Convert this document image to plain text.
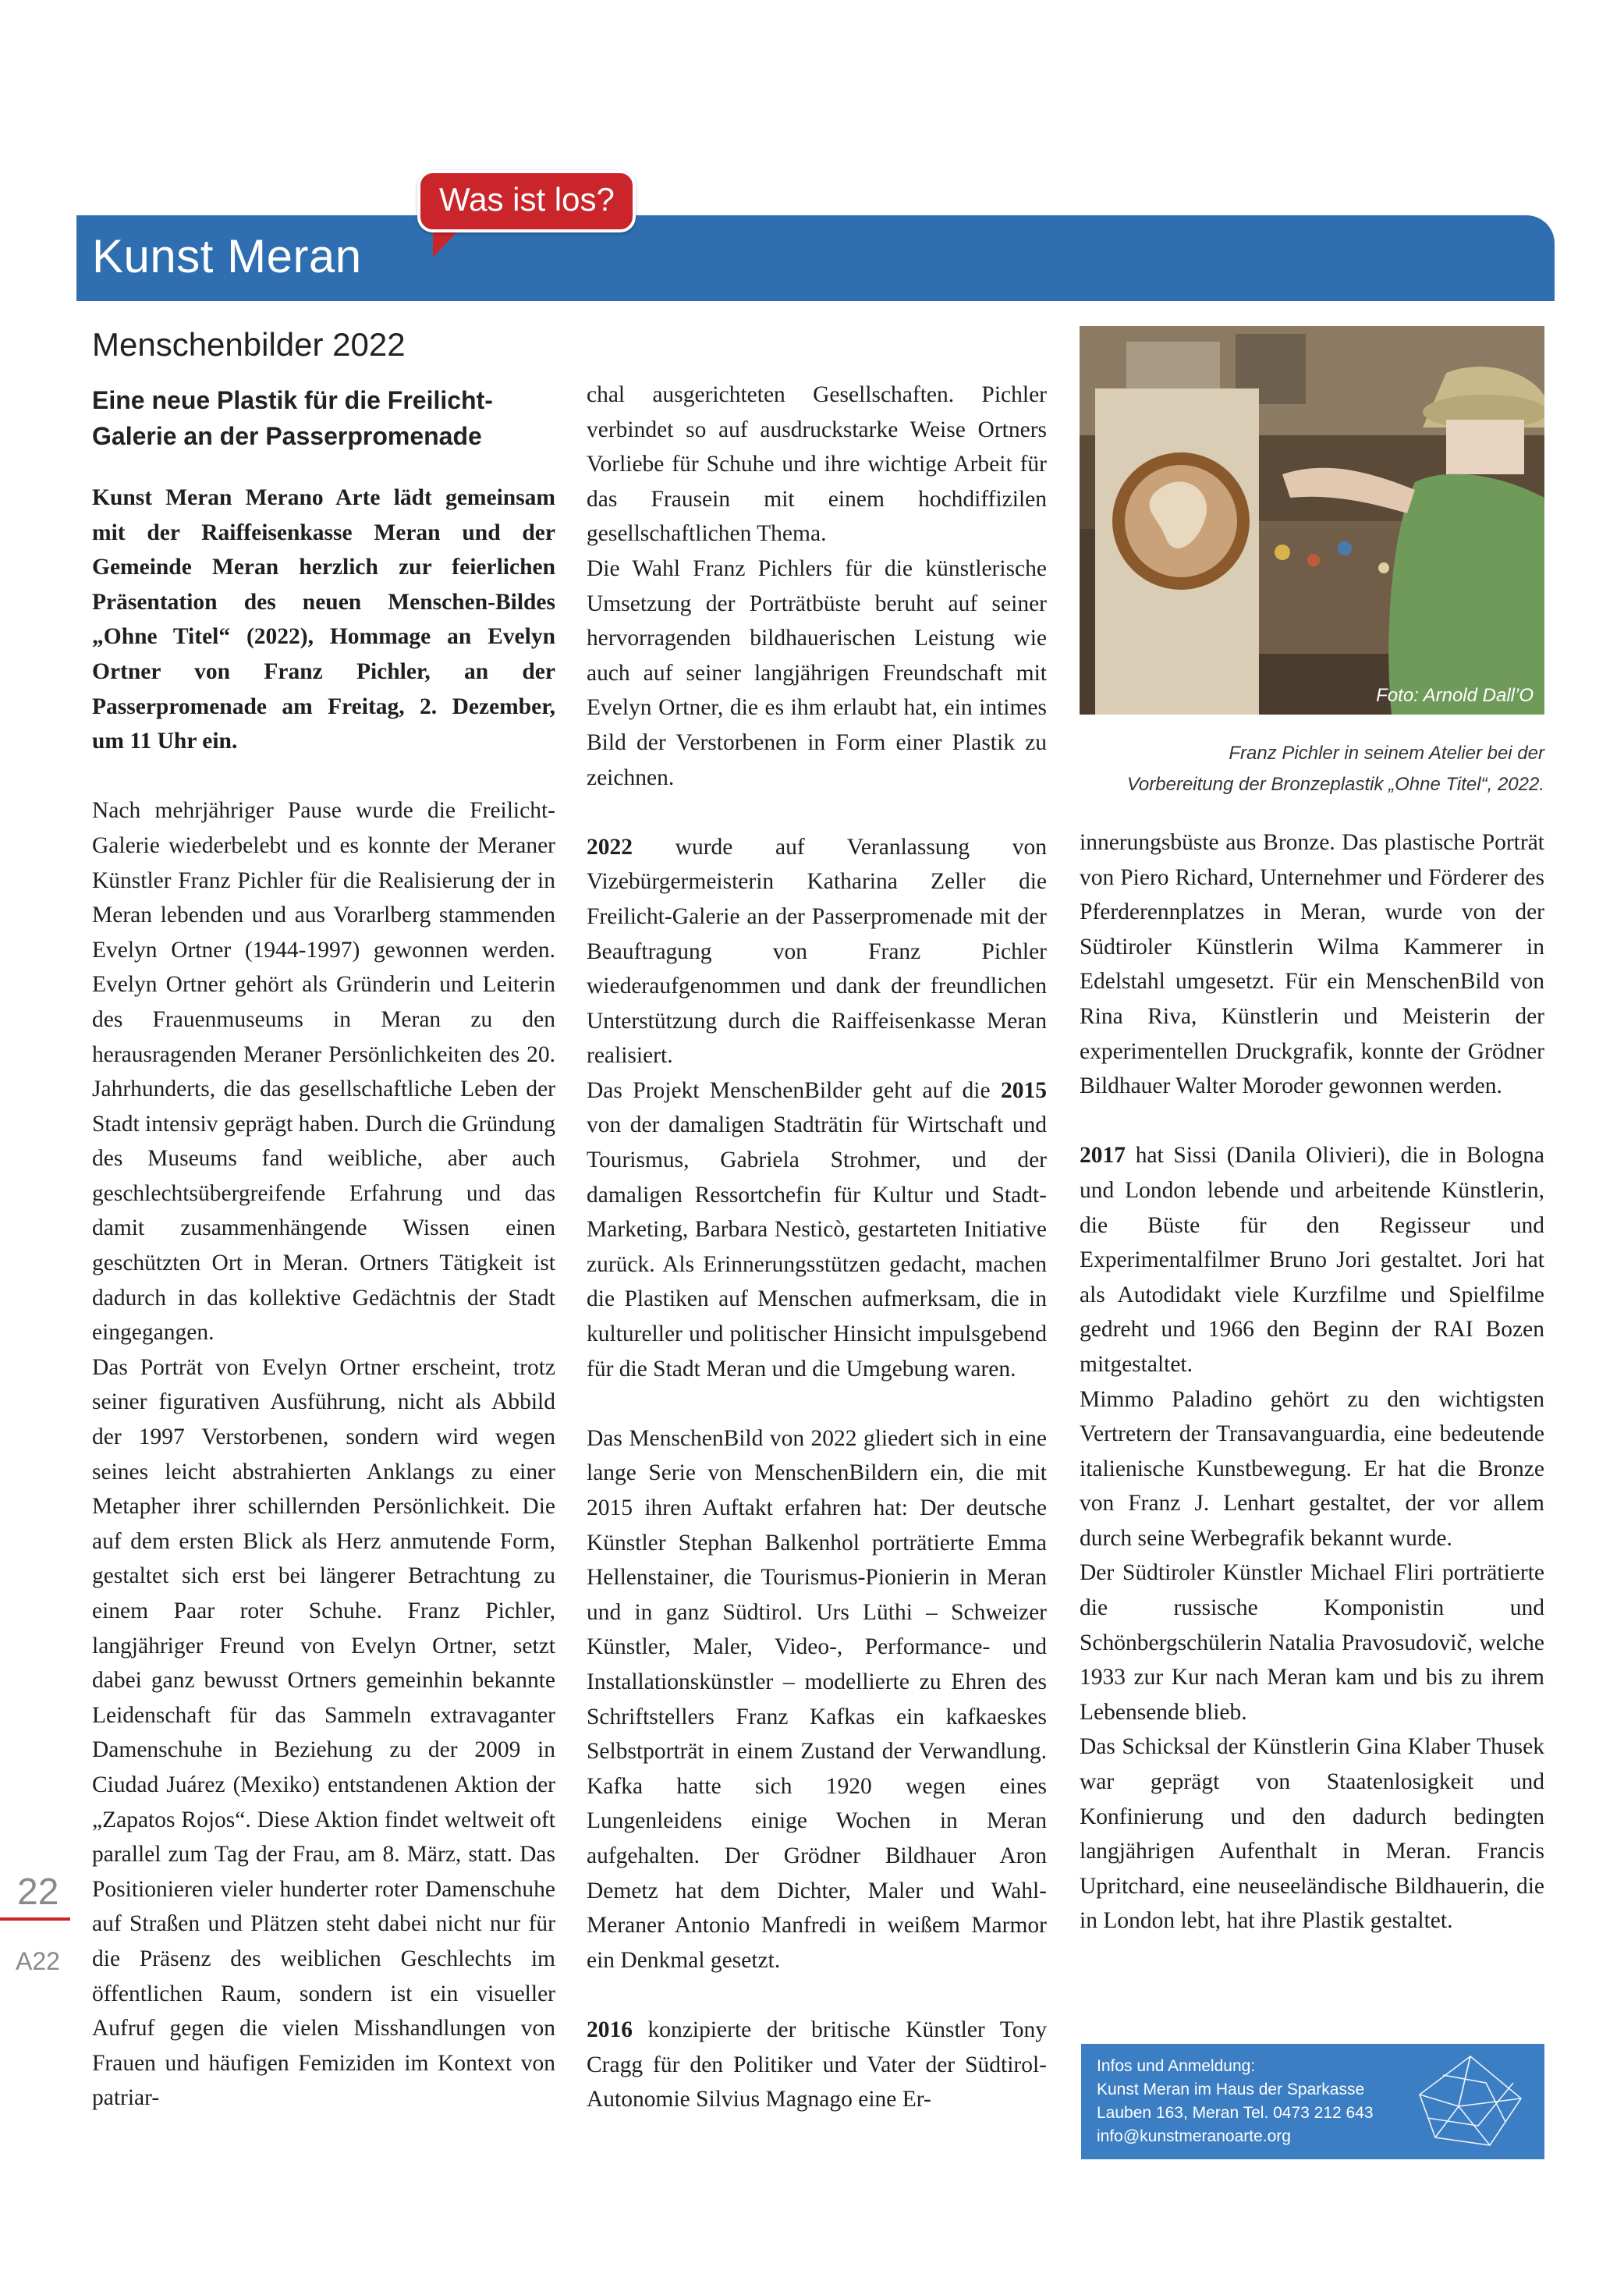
Kunst Meran
Was ist los?
Menschenbilder 2022
Eine neue Plastik für die Freilicht-Galerie an der Passerpromenade

Kunst Meran Merano Arte lädt gemeinsam mit der Raiffeisenkasse Meran und der Gemeinde Meran herzlich zur feierlichen Präsentation des neuen Menschen-Bildes „Ohne Titel“ (2022), Hommage an Evelyn Ortner von Franz Pichler, an der Passerpromenade am Freitag, 2. Dezember, um 11 Uhr ein.

Nach mehrjähriger Pause wurde die Freilicht-Galerie wiederbelebt und es konnte der Meraner Künstler Franz Pichler für die Realisierung der in Meran lebenden und aus Vorarlberg stammenden Evelyn Ortner (1944-1997) gewonnen werden. Evelyn Ortner gehört als Gründerin und Leiterin des Frauenmuseums in Meran zu den herausragenden Meraner Persönlichkeiten des 20. Jahrhunderts, die das gesellschaftliche Leben der Stadt intensiv geprägt haben. Durch die Gründung des Museums fand weibliche, aber auch geschlechtsübergreifende Erfahrung und das damit zusammenhängende Wissen einen geschützten Ort in Meran. Ortners Tätigkeit ist dadurch in das kollektive Gedächtnis der Stadt eingegangen.

Das Porträt von Evelyn Ortner erscheint, trotz seiner figurativen Ausführung, nicht als Abbild der 1997 Verstorbenen, sondern wird wegen seines leicht abstrahierten Anklangs zu einer Metapher ihrer schillernden Persönlichkeit. Die auf dem ersten Blick als Herz anmutende Form, gestaltet sich erst bei längerer Betrachtung zu einem Paar roter Schuhe. Franz Pichler, langjähriger Freund von Evelyn Ortner, setzt dabei ganz bewusst Ortners gemeinhin bekannte Leidenschaft für das Sammeln extravaganter Damenschuhe in Beziehung zu der 2009 in Ciudad Juárez (Mexiko) entstandenen Aktion der „Zapatos Rojos“. Diese Aktion findet weltweit oft parallel zum Tag der Frau, am 8. März, statt. Das Positionieren vieler hunderter roter Damenschuhe auf Straßen und Plätzen steht dabei nicht nur für die Präsenz des weiblichen Geschlechts im öffentlichen Raum, sondern ist ein visueller Aufruf gegen die vielen Misshandlungen von Frauen und häufigen Femiziden im Kontext von patriar-

chal ausgerichteten Gesellschaften. Pichler verbindet so auf ausdruckstarke Weise Ortners Vorliebe für Schuhe und ihre wichtige Arbeit für das Frausein mit einem hochdiffizilen gesellschaftlichen Thema.

Die Wahl Franz Pichlers für die künstlerische Umsetzung der Porträtbüste beruht auf seiner hervorragenden bildhauerischen Leistung wie auch auf seiner langjährigen Freundschaft mit Evelyn Ortner, die es ihm erlaubt hat, ein intimes Bild der Verstorbenen in Form einer Plastik zu zeichnen.

2022 wurde auf Veranlassung von Vizebürgermeisterin Katharina Zeller die Freilicht-Galerie an der Passerpromenade mit der Beauftragung von Franz Pichler wiederaufgenommen und dank der freundlichen Unterstützung durch die Raiffeisenkasse Meran realisiert.

Das Projekt MenschenBilder geht auf die 2015 von der damaligen Stadträtin für Wirtschaft und Tourismus, Gabriela Strohmer, und der damaligen Ressortchefin für Kultur und Stadt-Marketing, Barbara Nesticò, gestarteten Initiative zurück. Als Erinnerungsstützen gedacht, machen die Plastiken auf Menschen aufmerksam, die in kultureller und politischer Hinsicht impulsgebend für die Stadt Meran und die Umgebung waren.

Das MenschenBild von 2022 gliedert sich in eine lange Serie von MenschenBildern ein, die mit 2015 ihren Auftakt erfahren hat: Der deutsche Künstler Stephan Balkenhol porträtierte Emma Hellenstainer, die Tourismus-Pionierin in Meran und in ganz Südtirol. Urs Lüthi – Schweizer Künstler, Maler, Video-, Performance- und Installationskünstler – modellierte zu Ehren des Schriftstellers Franz Kafkas ein kafkaeskes Selbstporträt in einem Zustand der Verwandlung. Kafka hatte sich 1920 wegen eines Lungenleidens einige Wochen in Meran aufgehalten. Der Grödner Bildhauer Aron Demetz hat dem Dichter, Maler und Wahl-Meraner Antonio Manfredi in weißem Marmor ein Denkmal gesetzt.

2016 konzipierte der britische Künstler Tony Cragg für den Politiker und Vater der Südtirol-Autonomie Silvius Magnago eine Er-

Foto: Arnold Dall’O
Franz Pichler in seinem Atelier bei der
Vorbereitung der Bronzeplastik „Ohne Titel“, 2022.

innerungsbüste aus Bronze. Das plastische Porträt von Piero Richard, Unternehmer und Förderer des Pferderennplatzes in Meran, wurde von der Südtiroler Künstlerin Wilma Kammerer in Edelstahl umgesetzt. Für ein MenschenBild von Rina Riva, Künstlerin und Meisterin der experimentellen Druckgrafik, konnte der Grödner Bildhauer Walter Moroder gewonnen werden.

2017 hat Sissi (Danila Olivieri), die in Bologna und London lebende und arbeitende Künstlerin, die Büste für den Regisseur und Experimentalfilmer Bruno Jori gestaltet. Jori hat als Autodidakt viele Kurzfilme und Spielfilme gedreht und 1966 den Beginn der RAI Bozen mitgestaltet.

Mimmo Paladino gehört zu den wichtigsten Vertretern der Transavanguardia, eine bedeutende italienische Kunstbewegung. Er hat die Bronze von Franz J. Lenhart gestaltet, der vor allem durch seine Werbegrafik bekannt wurde.

Der Südtiroler Künstler Michael Fliri porträtierte die russische Komponistin und Schönbergschülerin Natalia Pravosudovič, welche 1933 zur Kur nach Meran kam und bis zu ihrem Lebensende blieb.

Das Schicksal der Künstlerin Gina Klaber Thusek war geprägt von Staatenlosigkeit und Konfinierung und den dadurch bedingten langjährigen Aufenthalt in Meran. Francis Upritchard, eine neuseeländische Bildhauerin, die in London lebt, hat ihre Plastik gestaltet.

Infos und Anmeldung:
Kunst Meran im Haus der Sparkasse
Lauben 163, Meran Tel. 0473 212 643
info@kunstmeranoarte.org
22
A22
